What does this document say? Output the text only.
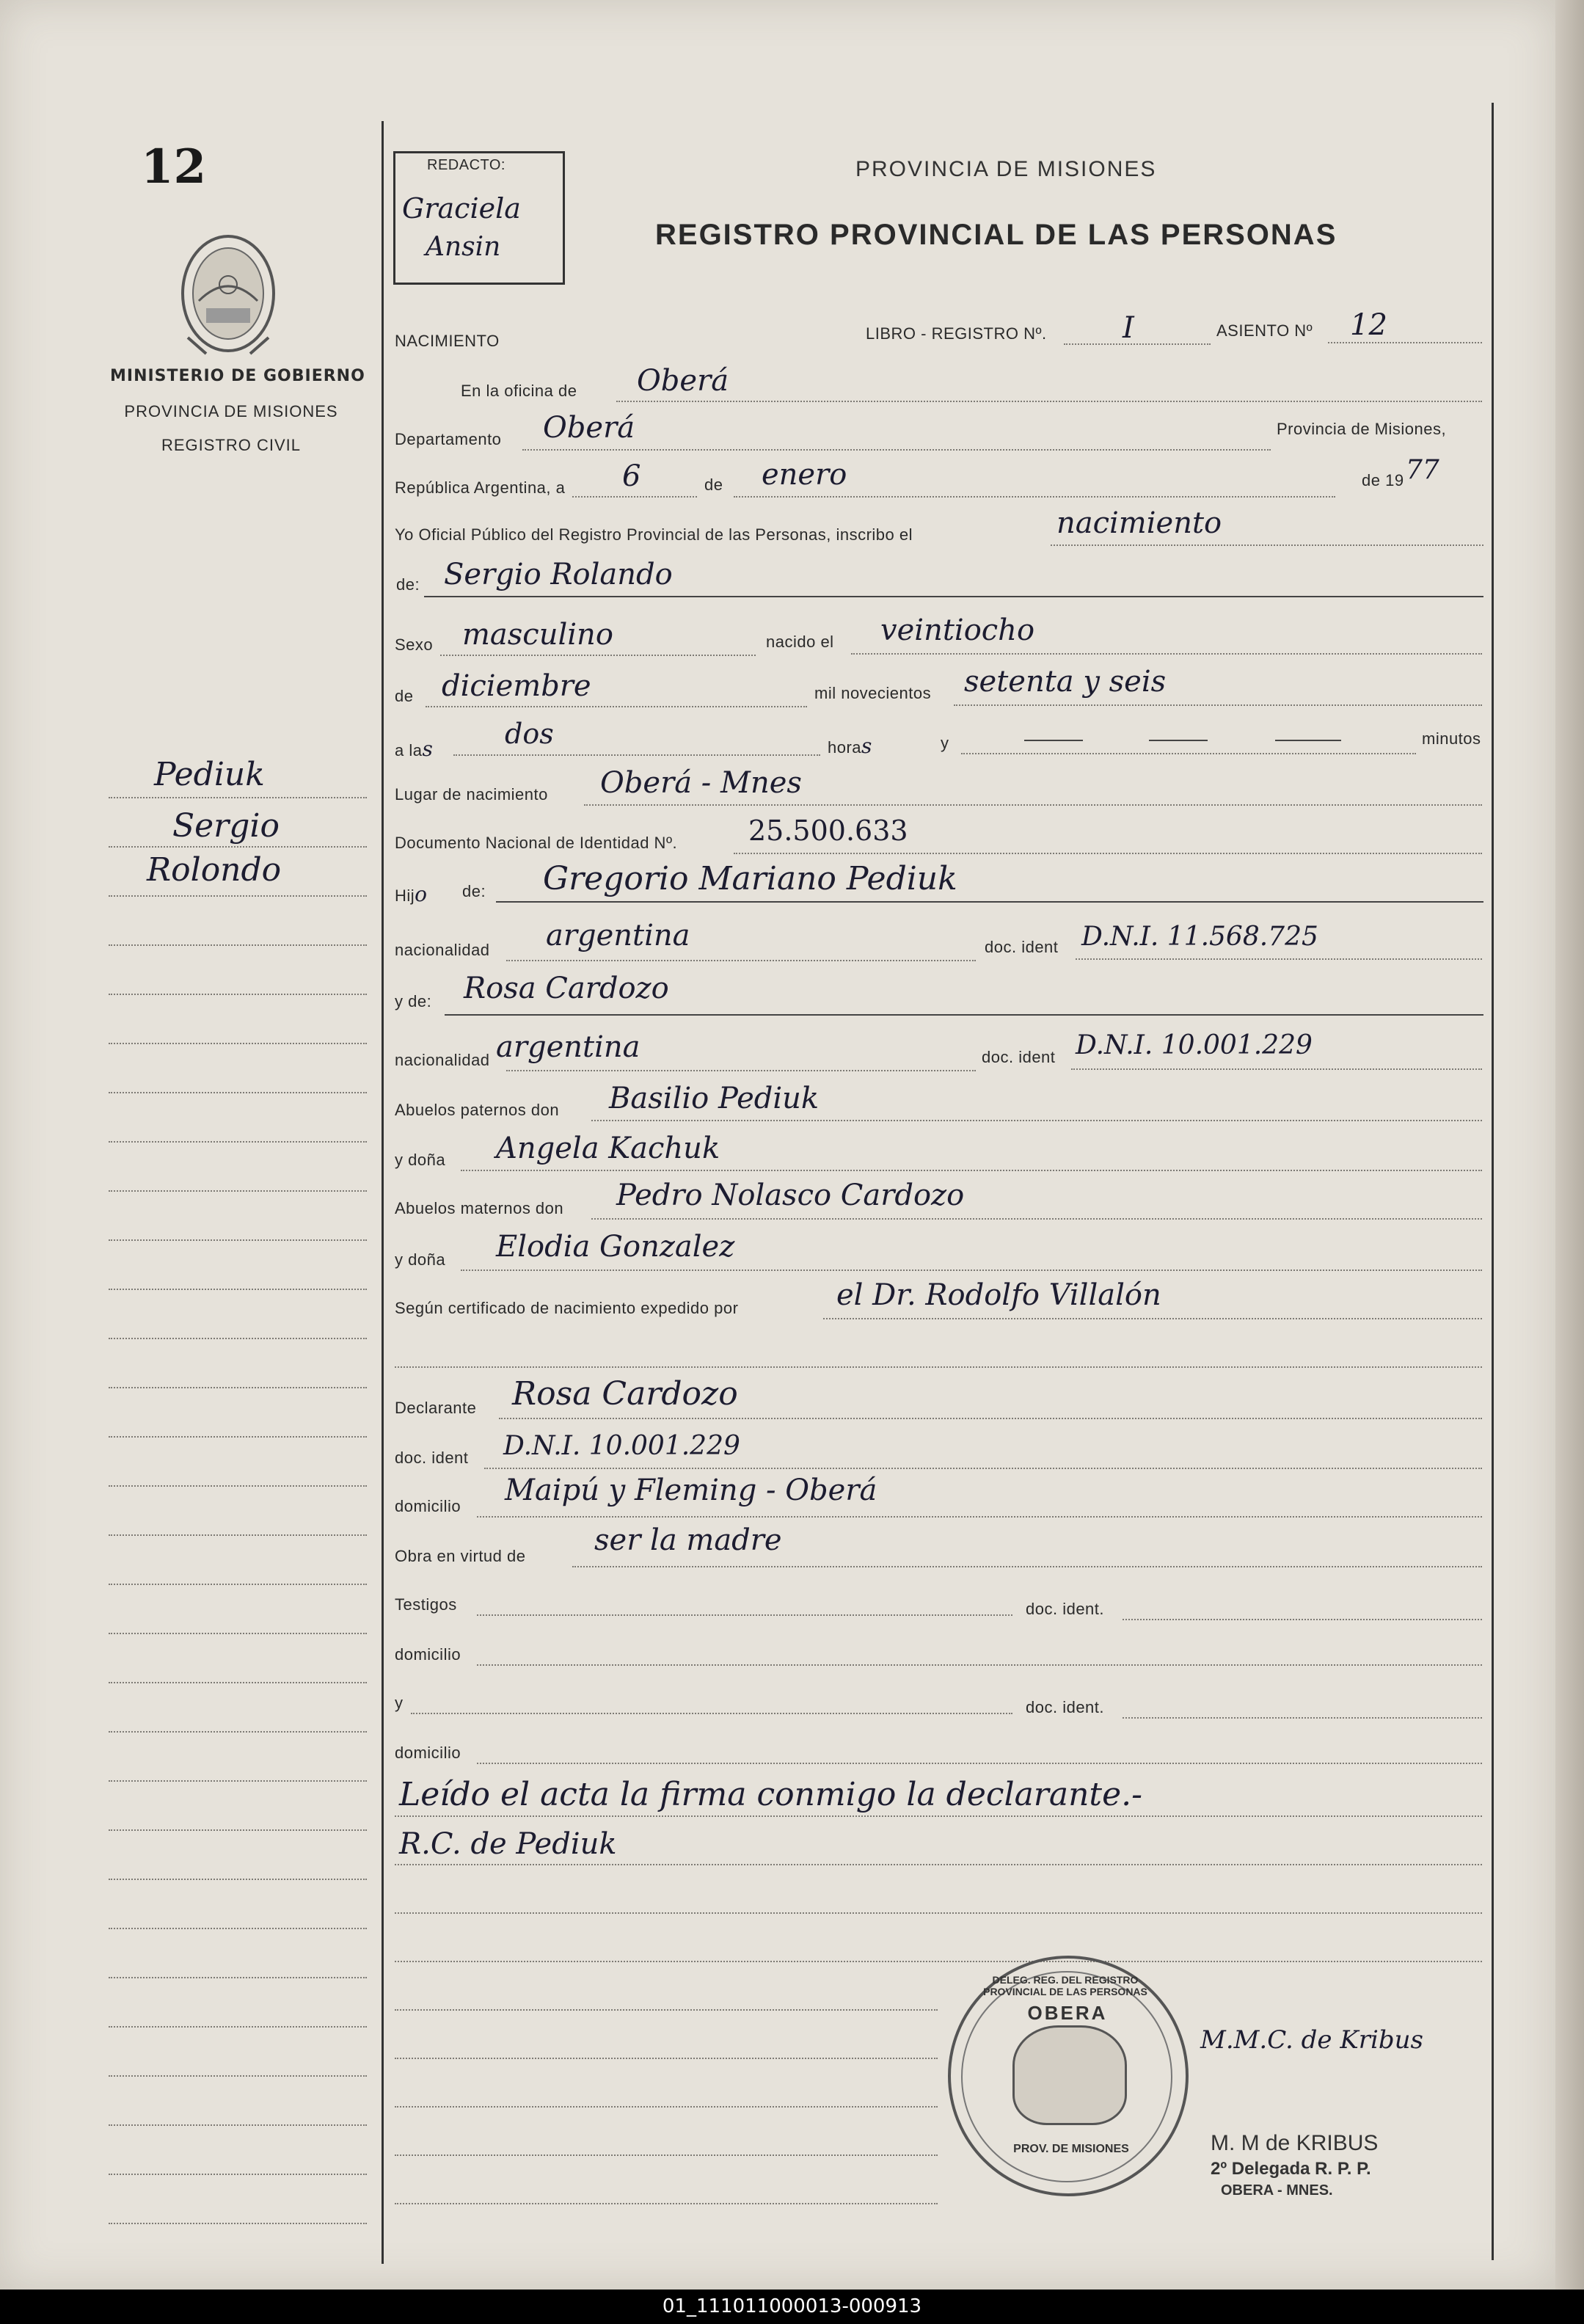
12
MINISTERIO DE GOBIERNO
PROVINCIA DE MISIONES
REGISTRO CIVIL
Pediuk
Sergio
Rolondo
REDACTO:
Graciela
Ansin
PROVINCIA DE MISIONES
REGISTRO PROVINCIAL DE LAS PERSONAS
NACIMIENTO	LIBRO - REGISTRO Nº.	I	ASIENTO Nº 12
En la oficina de Oberá
Departamento Oberá	Provincia de Misiones,
República Argentina, a 6	de enero	de 19 77
Yo Oficial Público del Registro Provincial de las Personas, inscribo el	nacimiento
de: Sergio Rolando
Sexo masculino	nacido el veintiocho
de diciembre	mil novecientos setenta y seis
a las	dos	horas	y	minutos
Lugar de nacimiento Oberá - Mnes
Documento Nacional de Identidad Nº.	25.500.633
Hijo de: Gregorio Mariano Pediuk
nacionalidad argentina	doc. ident D.N.I. 11.568.725
y de: Rosa Cardozo
nacionalidad argentina	doc. ident D.N.I. 10.001.229
Abuelos paternos don Basilio Pediuk
y doña Angela Kachuk
Abuelos maternos don Pedro Nolasco Cardozo
y doña Elodia Gonzalez
Según certificado de nacimiento expedido por	el Dr. Rodolfo Villalón
Declarante Rosa Cardozo
doc. ident D.N.I. 10.001.229
domicilio Maipú y Fleming - Oberá
Obra en virtud de ser la madre
Testigos	doc. ident.
domicilio
y	doc. ident.
domicilio
Leído el acta la firma conmigo la declarante.-
R.C. de Pediuk
DELEG. REG. DEL REGISTRO PROVINCIAL DE LAS PERSONAS
OBERA
PROV. DE MISIONES
M.M.C. de Kribus
M. M de KRIBUS
2º Delegada R. P. P.
OBERA - MNES.
01_111011000013-000913
